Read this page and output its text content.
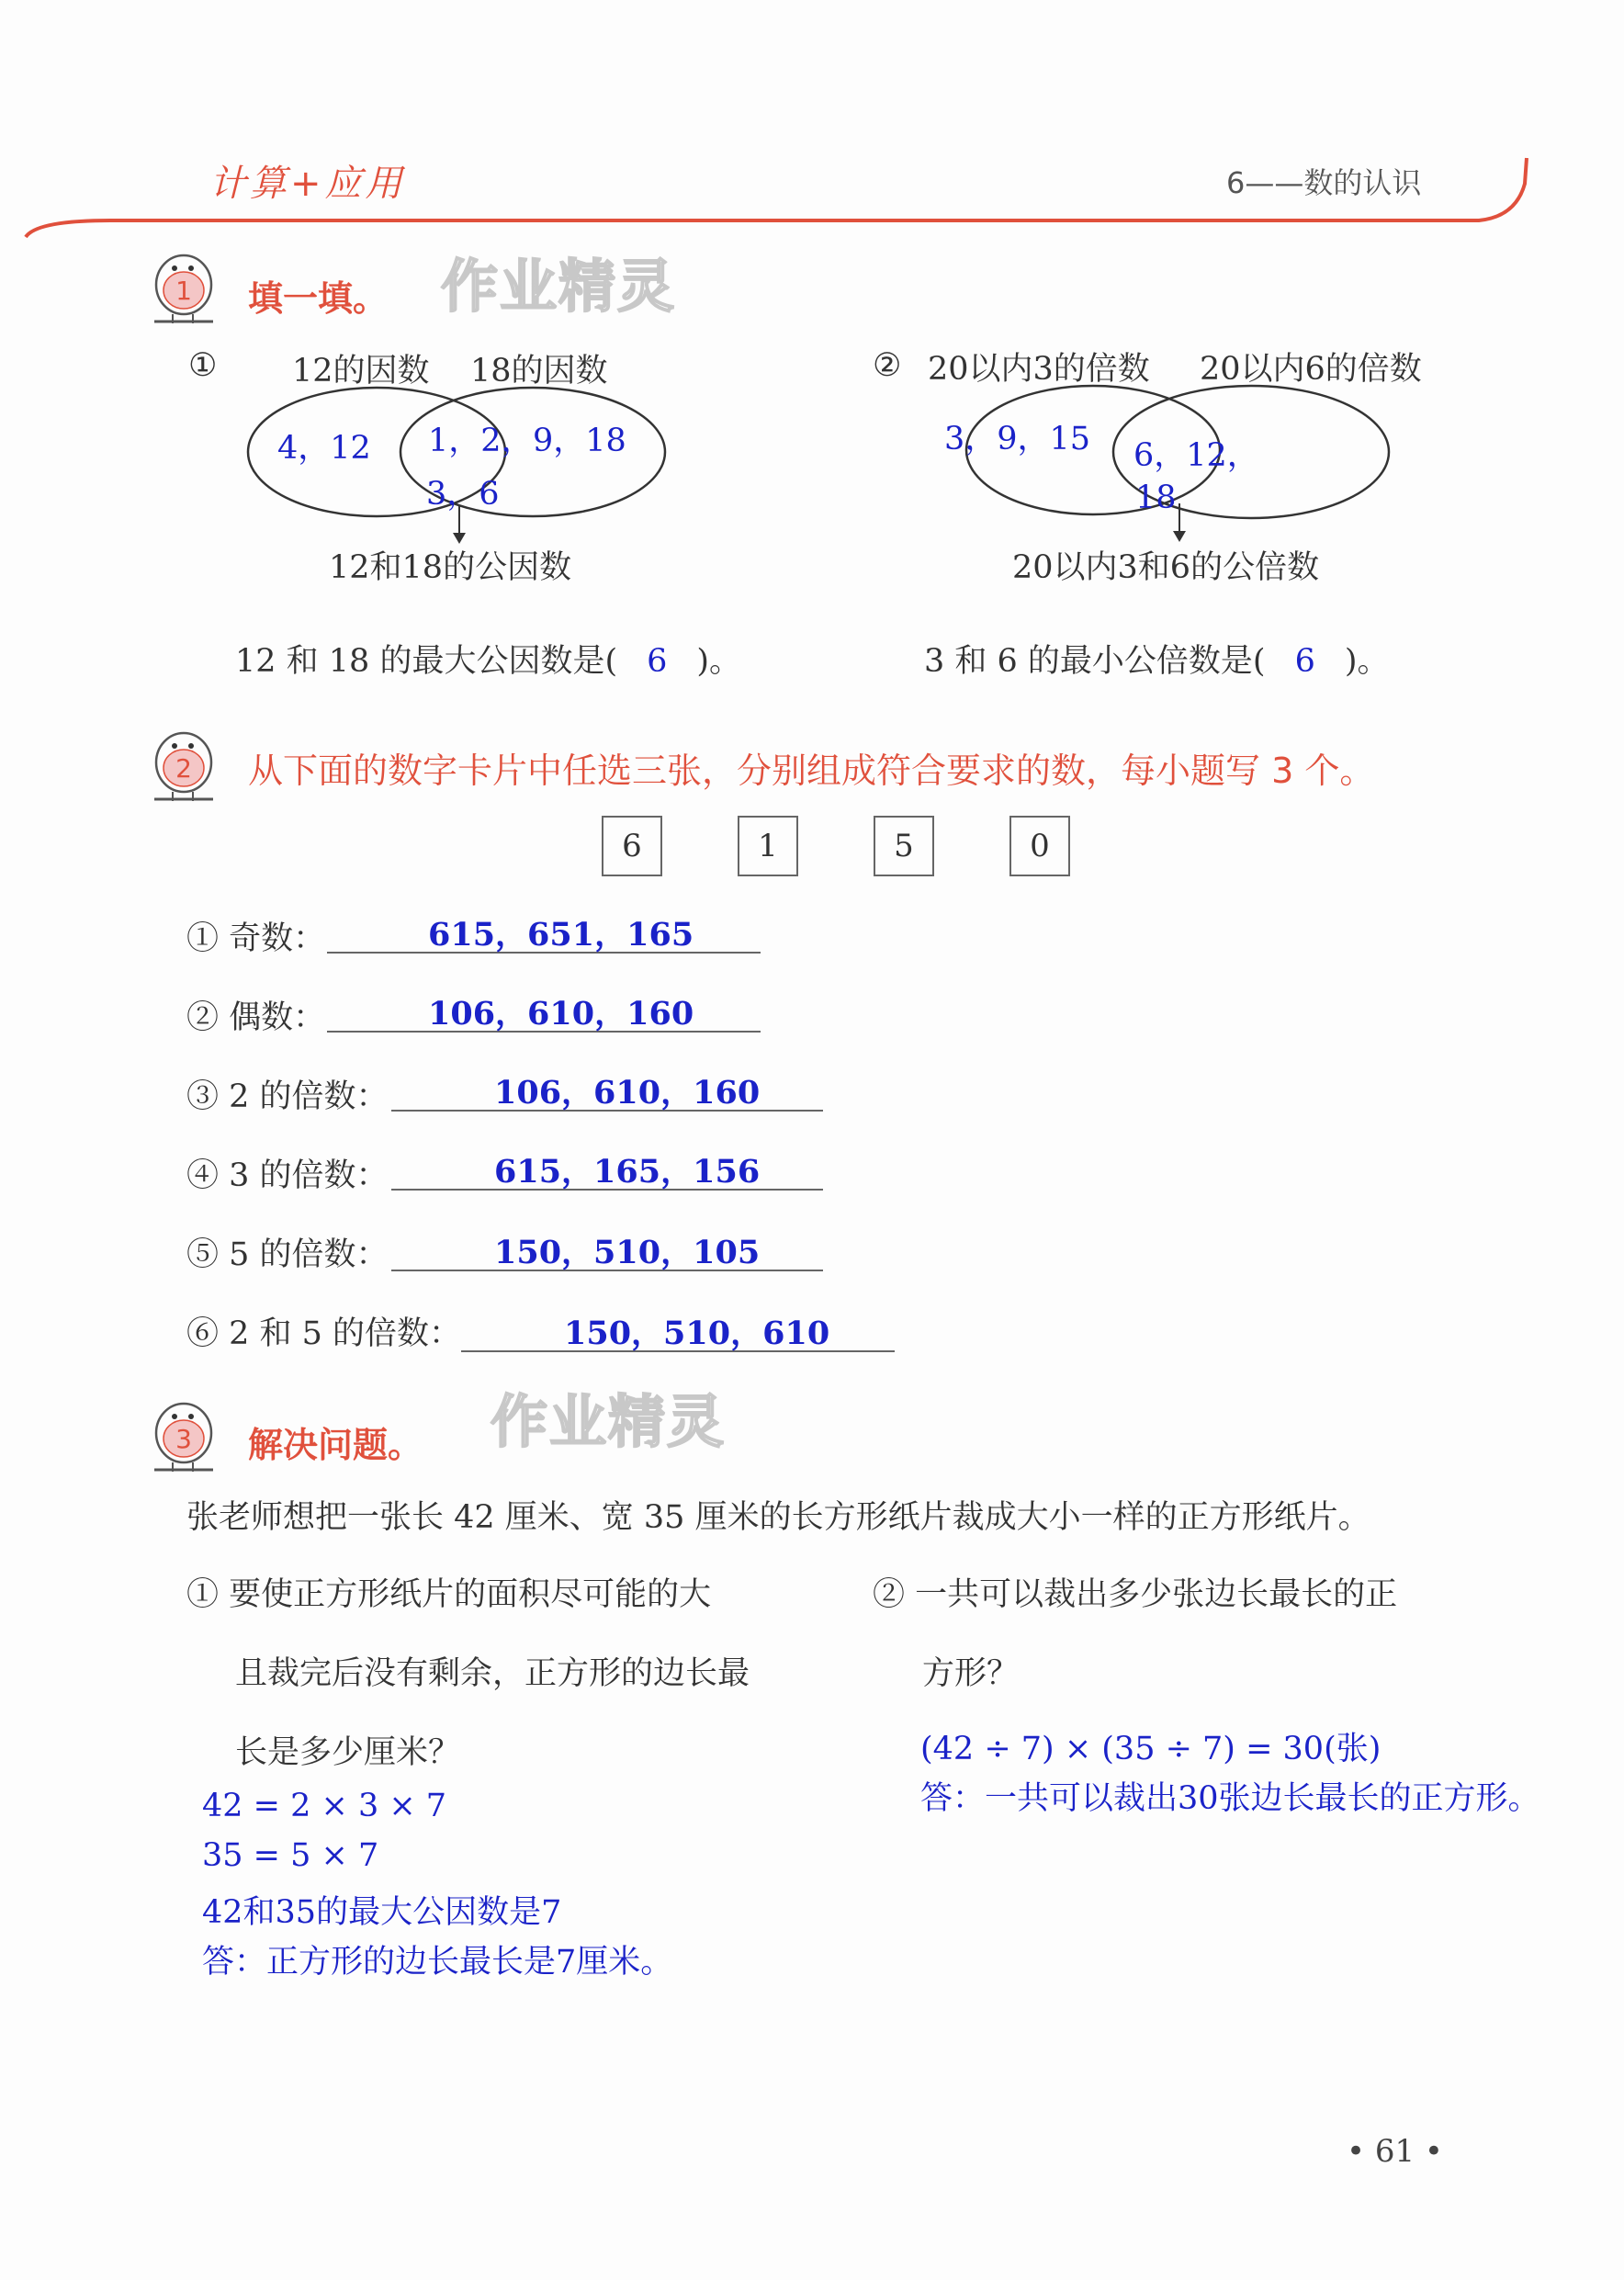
计算+应用	6——数的认识
1
2
3
填一填。 作业精灵
① 12的因数 18的因数
4，12 1，2，
3，6
9，18
12和18的公因数
12 和 18 的最大公因数是( 6 )。
② 20以内3的倍数 20以内6的倍数
3，9，15 6，12，
18
20以内3和6的公倍数
3 和 6 的最小公倍数是( 6 )。
从下面的数字卡片中任选三张，分别组成符合要求的数，每小题写 3 个。
6	1	5	0
① 奇数：	615，651，165
② 偶数：	106，610，160
③ 2 的倍数：	106，610，160
④ 3 的倍数：	615，165，156
⑤ 5 的倍数：	150，510，105
⑥ 2 和 5 的倍数：	150，510，610
解决问题。 作业精灵
张老师想把一张长 42 厘米、宽 35 厘米的长方形纸片裁成大小一样的正方形纸片。
① 要使正方形纸片的面积尽可能的大
且裁完后没有剩余，正方形的边长最
长是多少厘米？
42 = 2 × 3 × 7
35 = 5 × 7
42和35的最大公因数是7
答：正方形的边长最长是7厘米。
② 一共可以裁出多少张边长最长的正
方形？
(42 ÷ 7) × (35 ÷ 7) = 30(张)
答：一共可以裁出30张边长最长的正方形。
• 61 •
